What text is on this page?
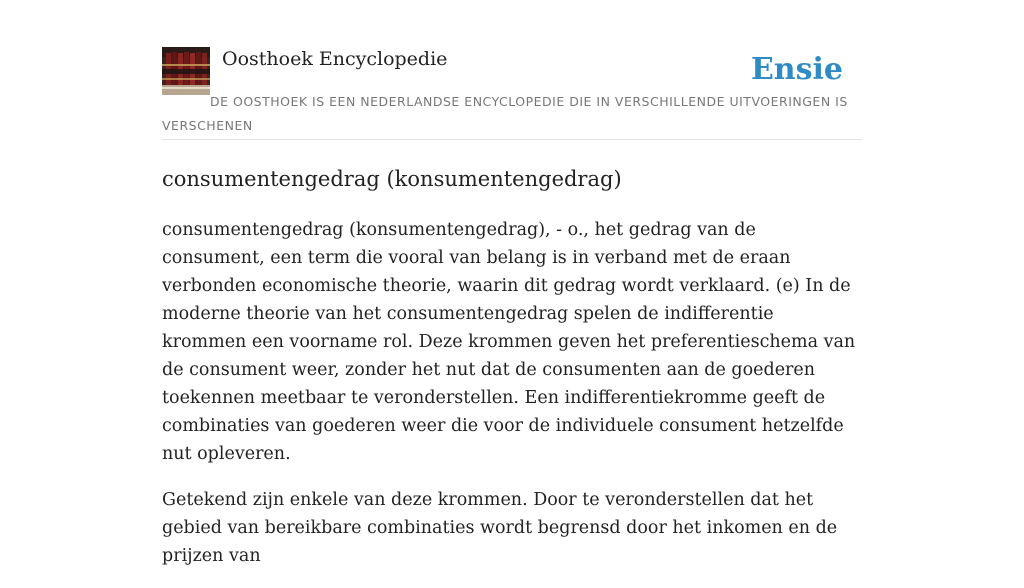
Oosthoek Encyclopedie	Ensie
DE OOSTHOEK IS EEN NEDERLANDSE ENCYCLOPEDIE DIE IN VERSCHILLENDE UITVOERINGEN IS VERSCHENEN
consumentengedrag (konsumentengedrag)

consumentengedrag (konsumentengedrag), - o., het gedrag van de consument, een term die vooral van belang is in verband met de eraan verbonden economische theorie, waarin dit gedrag wordt verklaard. (e) In de moderne theorie van het consumentengedrag spelen de indifferentie krommen een voorname rol. Deze krommen geven het preferentieschema van de consument weer, zonder het nut dat de consumenten aan de goederen toekennen meetbaar te veronderstellen. Een indifferentiekromme geeft de combinaties van goederen weer die voor de individuele consument hetzelfde nut opleveren.

Getekend zijn enkele van deze krommen. Door te veronderstellen dat het gebied van bereikbare combinaties wordt begrensd door het inkomen en de prijzen van
